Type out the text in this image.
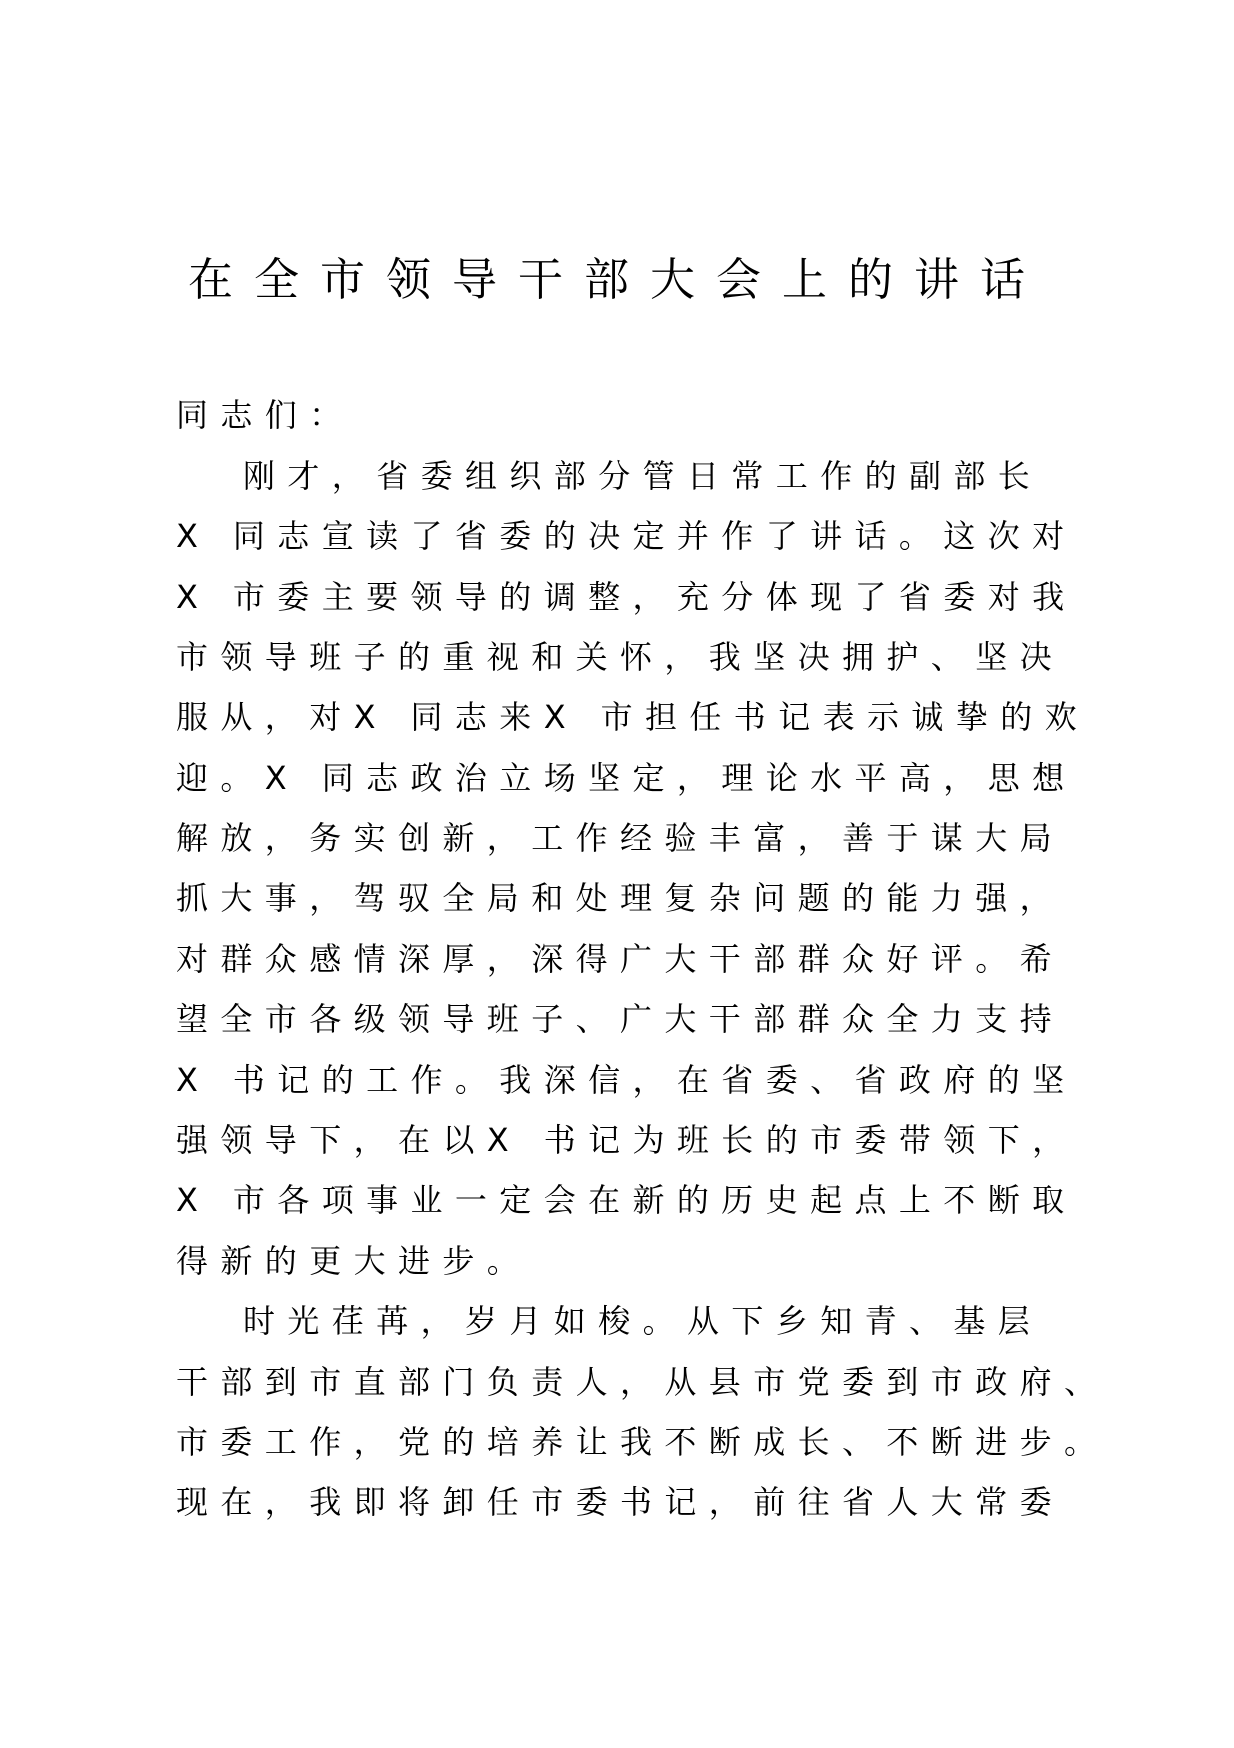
在全市领导干部大会上的讲话
同志们：
刚才，省委组织部分管日常工作的副部长
X 同志宣读了省委的决定并作了讲话。这次对
X 市委主要领导的调整，充分体现了省委对我
市领导班子的重视和关怀，我坚决拥护、坚决
服从，对X 同志来X 市担任书记表示诚挚的欢
迎。X 同志政治立场坚定，理论水平高，思想
解放，务实创新，工作经验丰富，善于谋大局
抓大事，驾驭全局和处理复杂问题的能力强，
对群众感情深厚，深得广大干部群众好评。希
望全市各级领导班子、广大干部群众全力支持
X 书记的工作。我深信，在省委、省政府的坚
强领导下，在以X 书记为班长的市委带领下，
X 市各项事业一定会在新的历史起点上不断取
得新的更大进步。
时光荏苒，岁月如梭。从下乡知青、基层
干部到市直部门负责人，从县市党委到市政府、
市委工作，党的培养让我不断成长、不断进步。
现在，我即将卸任市委书记，前往省人大常委
